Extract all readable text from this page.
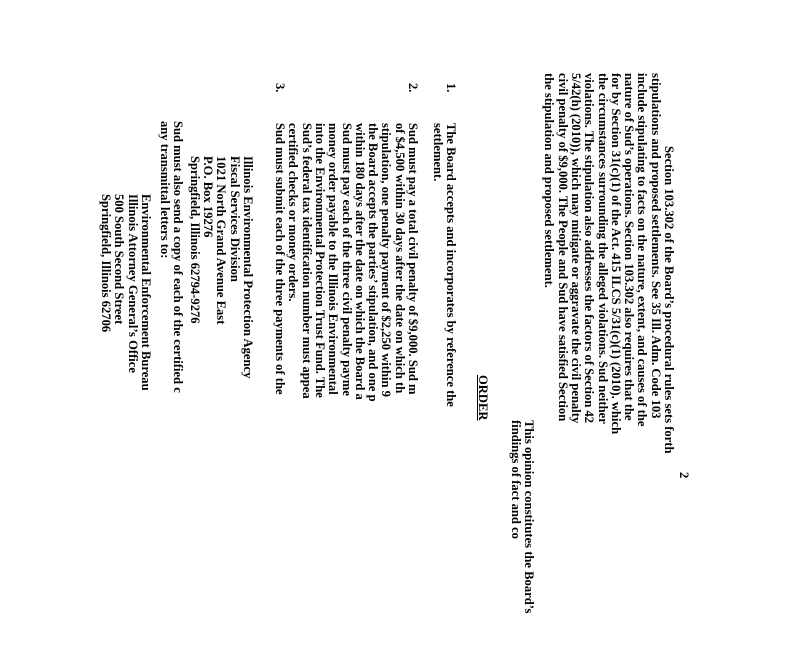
2

Section 103.302 of the Board’s procedural rules sets forth

stipulations and proposed settlements. See 35 Ill. Adm. Code 103

include stipulating to facts on the nature, extent, and causes of the

nature of Sud’s operations. Section 103.302 also requires that the

for by Section 31(c)(1) of the Act. 415 ILCS 5/31(c)(1) (2010). which

the circumstances surrounding the alleged violations. Sud neither

violations. The stipulation also addresses the factors of Section 42

5/42(h) (2010)), which may mitigate or aggravate the civil penalty

civil penalty of $9,000. The People and Sud have satisfied Section

the stipulation and proposed settlement.

This opinion constitutes the Board’s findings of fact and co
ORDER
1.

The Board accepts and incorporates by reference the

settlement.

2.

Sud must pay a total civil penalty of $9,000. Sud m

of $4,500 within 30 days after the date on which th

stipulation, one penalty payment of $2,250 within 9

the Board accepts the parties’ stipulation, and one p

within 180 days after the date on which the Board a

Sud must pay each of the three civil penalty payme

money order payable to the Illinois Environmental

into the Environmental Protection Trust Fund. The

Sud’s federal tax identification number must appea

certified checks or money orders.

3.

Sud must submit each of the three payments of the

Illinois Environmental Protection Agency

Fiscal Services Division

1021 North Grand Avenue East

P.O. Box 19276

Springfield, Illinois 62794-9276

Sud must also send a copy of each of the certified c

any transmittal letters to:

Environmental Enforcement Bureau

Illinois Attorney General’s Office

500 South Second Street

Springfield, Illinois 62706
